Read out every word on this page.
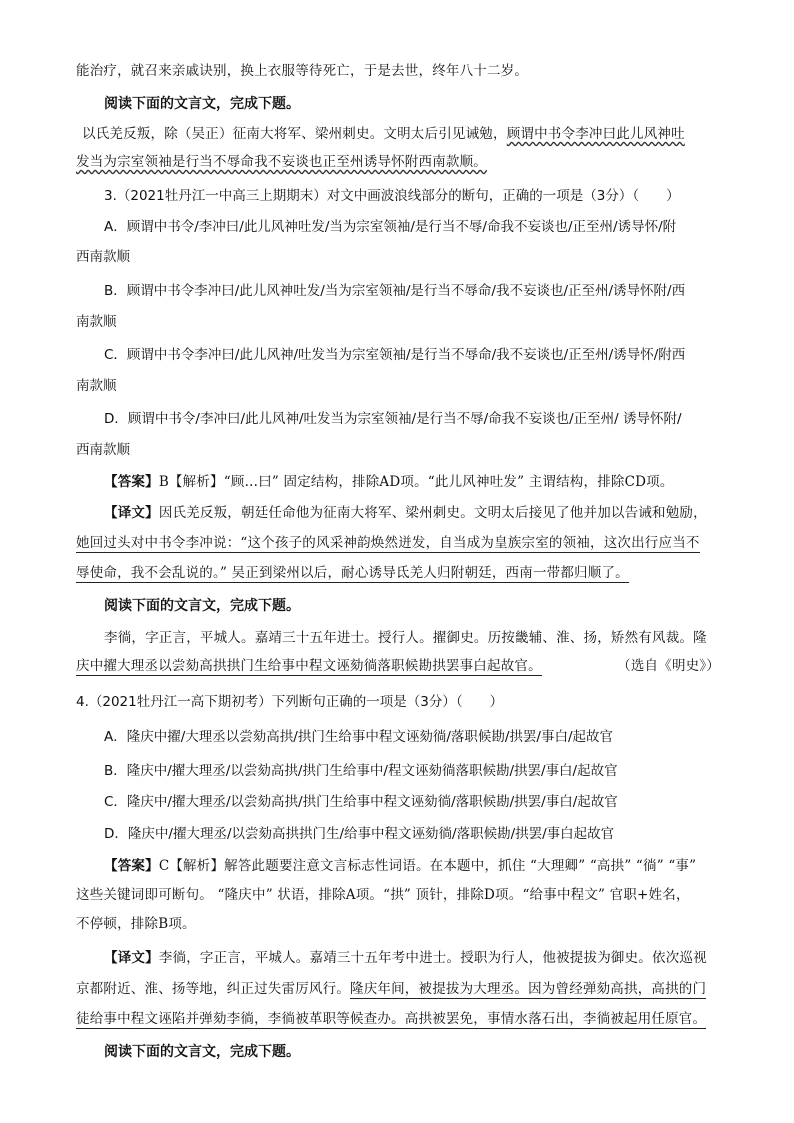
能治疗，就召来亲戚诀别，换上衣服等待死亡，于是去世，终年八十二岁。
阅读下面的文言文，完成下题。
以氏羌反叛，除（吴正）征南大将军、梁州刺史。文明太后引见诫勉，顾谓中书令李冲曰此儿风神吐
发当为宗室领袖是行当不辱命我不妄谈也正至州诱导怀附西南款顺。
3.（2021牡丹江一中高三上期期末）对文中画波浪线部分的断句，正确的一项是（3分）（　　）
A．顾谓中书令/李冲曰/此儿风神吐发/当为宗室领袖/是行当不辱/命我不妄谈也/正至州/诱导怀/附
西南款顺
B．顾谓中书令李冲曰/此儿风神吐发/当为宗室领袖/是行当不辱命/我不妄谈也/正至州/诱导怀附/西
南款顺
C．顾谓中书令李冲曰/此儿风神/吐发当为宗室领袖/是行当不辱命/我不妄谈也/正至州/诱导怀/附西
南款顺
D．顾谓中书令/李冲曰/此儿风神/吐发当为宗室领袖/是行当不辱/命我不妄谈也/正至州/ 诱导怀附/
西南款顺
【答案】B【解析】“顾…曰” 固定结构，排除AD项。“此儿风神吐发” 主谓结构，排除CD项。
【译文】因氏羌反叛，朝廷任命他为征南大将军、梁州刺史。文明太后接见了他并加以告诫和勉励，
她回过头对中书令李冲说：“这个孩子的风采神韵焕然迸发，自当成为皇族宗室的领袖，这次出行应当不
辱使命，我不会乱说的。” 吴正到梁州以后，耐心诱导氐羌人归附朝廷，西南一带都归顺了。
阅读下面的文言文，完成下题。
李徜，字正言，平城人。嘉靖三十五年进士。授行人。擢御史。历按畿辅、淮、扬，矫然有风裁。隆
庆中擢大理丞以尝劾高拱拱门生给事中程文诬劾徜落职候勘拱罢事白起故官。	（选自《明史》）
4.（2021牡丹江一高下期初考）下列断句正确的一项是（3分）（　　）
A．隆庆中擢/大理丞以尝劾高拱/拱门生给事中程文诬劾徜/落职候勘/拱罢/事白/起故官
B．隆庆中/擢大理丞/以尝劾高拱/拱门生给事中/程文诬劾徜落职候勘/拱罢/事白/起故官
C．隆庆中/擢大理丞/以尝劾高拱/拱门生给事中程文诬劾徜/落职候勘/拱罢/事白/起故官
D．隆庆中/擢大理丞/以尝劾高拱拱门生/给事中程文诬劾徜/落职候勘/拱罢/事白起故官
【答案】C【解析】解答此题要注意文言标志性词语。在本题中，抓住 “大理卿” “高拱” “徜” “事”
这些关键词即可断句。 “隆庆中” 状语，排除A项。“拱” 顶针，排除D项。“给事中程文” 官职+姓名，
不停顿，排除B项。
【译文】李徜，字正言，平城人。嘉靖三十五年考中进士。授职为行人，他被提拔为御史。依次巡视
京都附近、淮、扬等地，纠正过失雷厉风行。隆庆年间，被提拔为大理丞。因为曾经弹劾高拱，高拱的门
徒给事中程文诬陷并弹劾李徜，李徜被革职等候查办。高拱被罢免，事情水落石出，李徜被起用任原官。
阅读下面的文言文，完成下题。
